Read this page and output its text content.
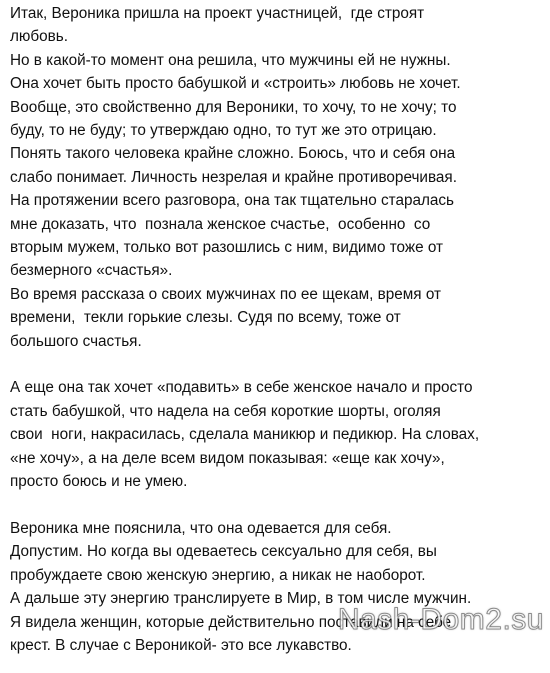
Итак, Вероника пришла на проект участницей,  где строят
любовь.
Но в какой-то момент она решила, что мужчины ей не нужны.
Она хочет быть просто бабушкой и «строить» любовь не хочет.
Вообще, это свойственно для Вероники, то хочу, то не хочу; то
буду, то не буду; то утверждаю одно, то тут же это отрицаю.
Понять такого человека крайне сложно. Боюсь, что и себя она
слабо понимает. Личность незрелая и крайне противоречивая.
На протяжении всего разговора, она так тщательно старалась
мне доказать, что  познала женское счастье,  особенно  со
вторым мужем, только вот разошлись с ним, видимо тоже от
безмерного «счастья».
Во время рассказа о своих мужчинах по ее щекам, время от
времени,  текли горькие слезы. Судя по всему, тоже от
большого счастья.
А еще она так хочет «подавить» в себе женское начало и просто
стать бабушкой, что надела на себя короткие шорты, оголяя
свои  ноги, накрасилась, сделала маникюр и педикюр. На словах,
«не хочу», а на деле всем видом показывая: «еще как хочу»,
просто боюсь и не умею.
Вероника мне пояснила, что она одевается для себя.
Допустим. Но когда вы одеваетесь сексуально для себя, вы
пробуждаете свою женскую энергию, а никак не наоборот.
А дальше эту энергию транслируете в Мир, в том числе мужчин.
Я видела женщин, которые действительно поставили на себе
крест. В случае с Вероникой- это все лукавство.
Nash-Dom2.su
